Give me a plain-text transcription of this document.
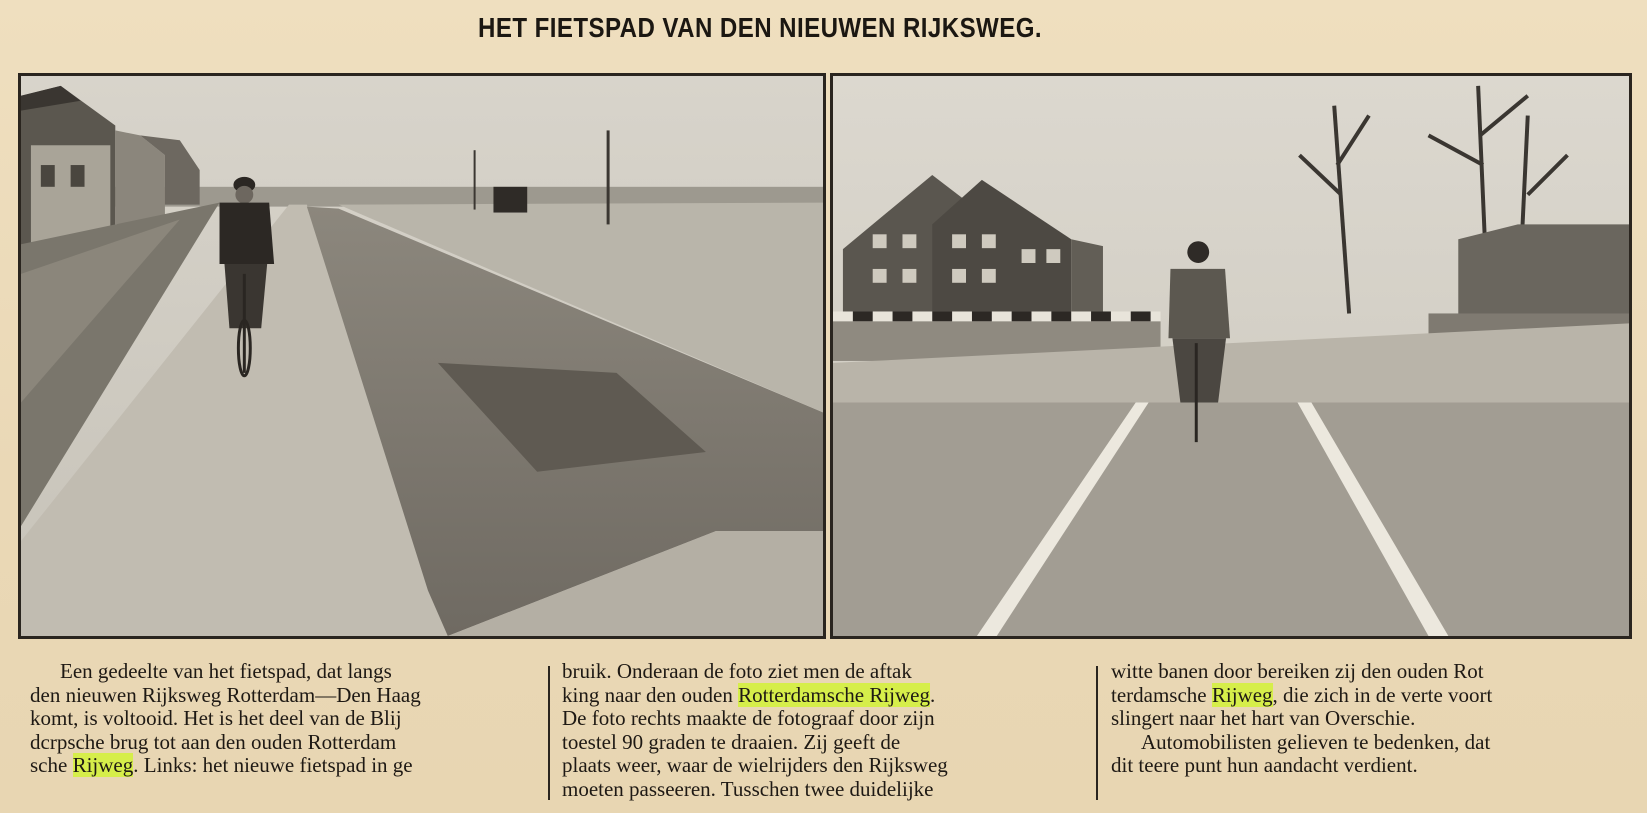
HET FIETSPAD VAN DEN NIEUWEN RIJKSWEG.

Een gedeelte van het fietspad, dat langs

den nieuwen Rijksweg Rotterdam—Den Haag

komt, is voltooid. Het is het deel van de Blij

dcrpsche brug tot aan den ouden Rotterdam

sche Rijweg. Links: het nieuwe fietspad in ge

bruik. Onderaan de foto ziet men de aftak

king naar den ouden Rotterdamsche Rijweg.

De foto rechts maakte de fotograaf door zijn

toestel 90 graden te draaien. Zij geeft de

plaats weer, waar de wielrijders den Rijksweg

moeten passeeren. Tusschen twee duidelijke

witte banen door bereiken zij den ouden Rot

terdamsche Rijweg, die zich in de verte voort

slingert naar het hart van Overschie.

Automobilisten gelieven te bedenken, dat

dit teere punt hun aandacht verdient.
